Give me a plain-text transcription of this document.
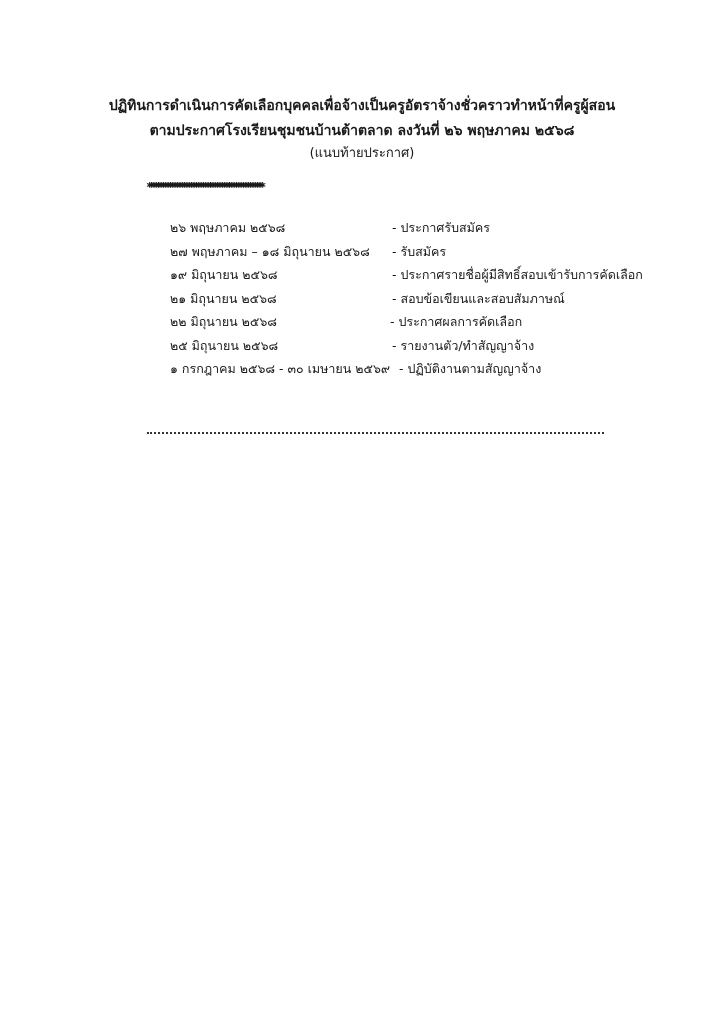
ปฏิทินการดำเนินการคัดเลือกบุคคลเพื่อจ้างเป็นครูอัตราจ้างชั่วคราวทำหน้าที่ครูผู้สอน
ตามประกาศโรงเรียนชุมชนบ้านต้าตลาด ลงวันที่ ๒๖ พฤษภาคม ๒๕๖๘
(แนบท้ายประกาศ)
******************************************************************
๒๖ พฤษภาคม ๒๕๖๘	- ประกาศรับสมัคร
๒๗ พฤษภาคม – ๑๘ มิถุนายน ๒๕๖๘ - รับสมัคร
๑๙ มิถุนายน ๒๕๖๘	- ประกาศรายชื่อผู้มีสิทธิ์สอบเข้ารับการคัดเลือก
๒๑ มิถุนายน ๒๕๖๘	- สอบข้อเขียนและสอบสัมภาษณ์
๒๒ มิถุนายน ๒๕๖๘	- ประกาศผลการคัดเลือก
๒๕ มิถุนายน ๒๕๖๘	- รายงานตัว/ทำสัญญาจ้าง
๑ กรกฎาคม ๒๕๖๘ - ๓๐ เมษายน ๒๕๖๙ - ปฏิบัติงานตามสัญญาจ้าง
